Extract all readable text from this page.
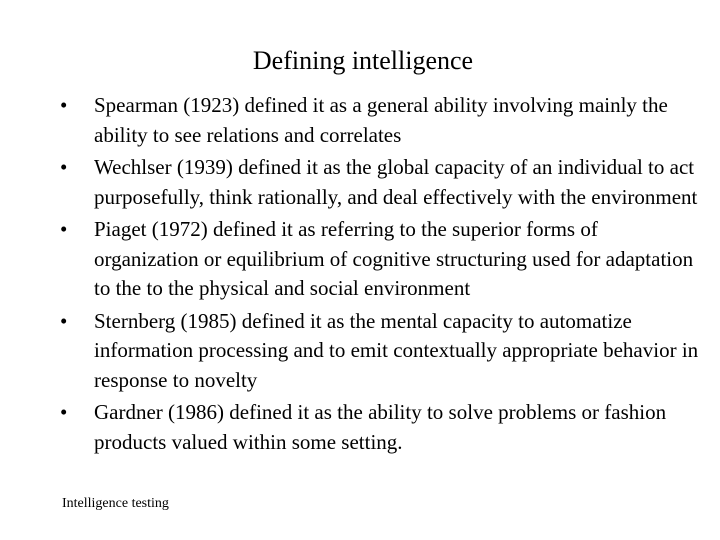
Defining intelligence
• Spearman (1923) defined it as a general ability involving mainly the ability to see relations and correlates
• Wechlser (1939) defined it as the global capacity of an individual to act purposefully, think rationally, and deal effectively with the environment
• Piaget (1972) defined it as referring to the superior forms of organization or equilibrium of cognitive structuring used for adaptation to the to the physical and social environment
• Sternberg (1985) defined it as the mental capacity to automatize information processing and to emit contextually appropriate behavior in response to novelty
• Gardner (1986) defined it as the ability to solve problems or fashion products valued within some setting.
Intelligence testing
